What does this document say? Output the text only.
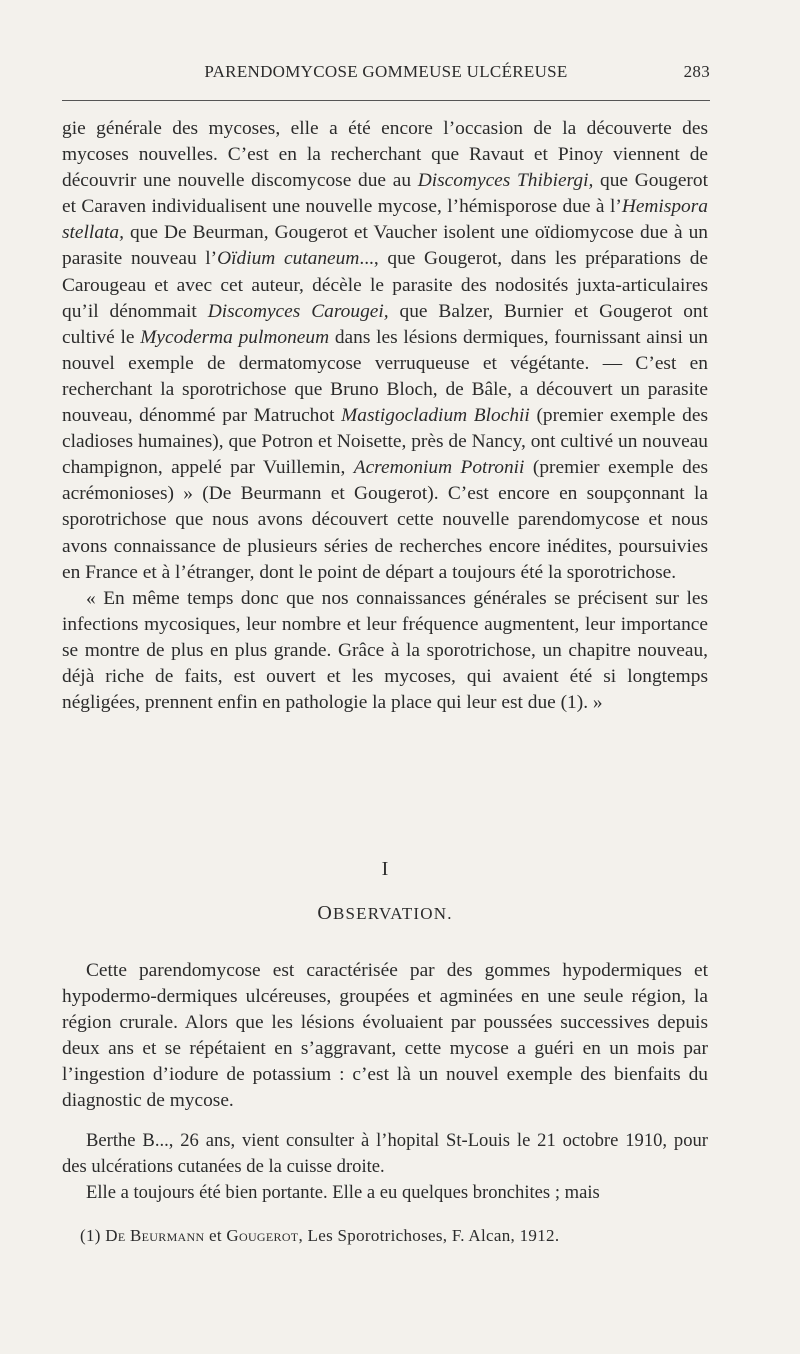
PARENDOMYCOSE GOMMEUSE ULCÉREUSE	283

gie générale des mycoses, elle a été encore l’occasion de la découverte des mycoses nouvelles. C’est en la recherchant que Ravaut et Pinoy viennent de découvrir une nouvelle discomycose due au Discomyces Thibiergi, que Gougerot et Caraven individualisent une nouvelle mycose, l’hémisporose due à l’Hemispora stellata, que De Beurman, Gougerot et Vaucher isolent une oïdiomycose due à un parasite nouveau l’Oïdium cutaneum..., que Gougerot, dans les préparations de Carougeau et avec cet auteur, décèle le parasite des nodosités juxta-articulaires qu’il dénommait Discomyces Carougei, que Balzer, Burnier et Gougerot ont cultivé le Mycoderma pulmoneum dans les lésions dermiques, fournissant ainsi un nouvel exemple de dermatomycose verruqueuse et végétante. — C’est en recherchant la sporotrichose que Bruno Bloch, de Bâle, a découvert un parasite nouveau, dénommé par Matruchot Mastigocladium Blochii (premier exemple des cladioses humaines), que Potron et Noisette, près de Nancy, ont cultivé un nouveau champignon, appelé par Vuillemin, Acremonium Potronii (premier exemple des acrémonioses) » (De Beurmann et Gougerot). C’est encore en soupçonnant la sporotrichose que nous avons découvert cette nouvelle parendomycose et nous avons connaissance de plusieurs séries de recherches encore inédites, poursuivies en France et à l’étranger, dont le point de départ a toujours été la sporotrichose.

« En même temps donc que nos connaissances générales se précisent sur les infections mycosiques, leur nombre et leur fréquence augmentent, leur importance se montre de plus en plus grande. Grâce à la sporotrichose, un chapitre nouveau, déjà riche de faits, est ouvert et les mycoses, qui avaient été si longtemps négligées, prennent enfin en pathologie la place qui leur est due (1). »

I
OBSERVATION.

Cette parendomycose est caractérisée par des gommes hypodermiques et hypodermo-dermiques ulcéreuses, groupées et agminées en une seule région, la région crurale. Alors que les lésions évoluaient par poussées successives depuis deux ans et se répétaient en s’aggravant, cette mycose a guéri en un mois par l’ingestion d’iodure de potassium : c’est là un nouvel exemple des bienfaits du diagnostic de mycose.

Berthe B..., 26 ans, vient consulter à l’hopital St-Louis le 21 octobre 1910, pour des ulcérations cutanées de la cuisse droite.

Elle a toujours été bien portante. Elle a eu quelques bronchites ; mais

(1) De Beurmann et Gougerot, Les Sporotrichoses, F. Alcan, 1912.
